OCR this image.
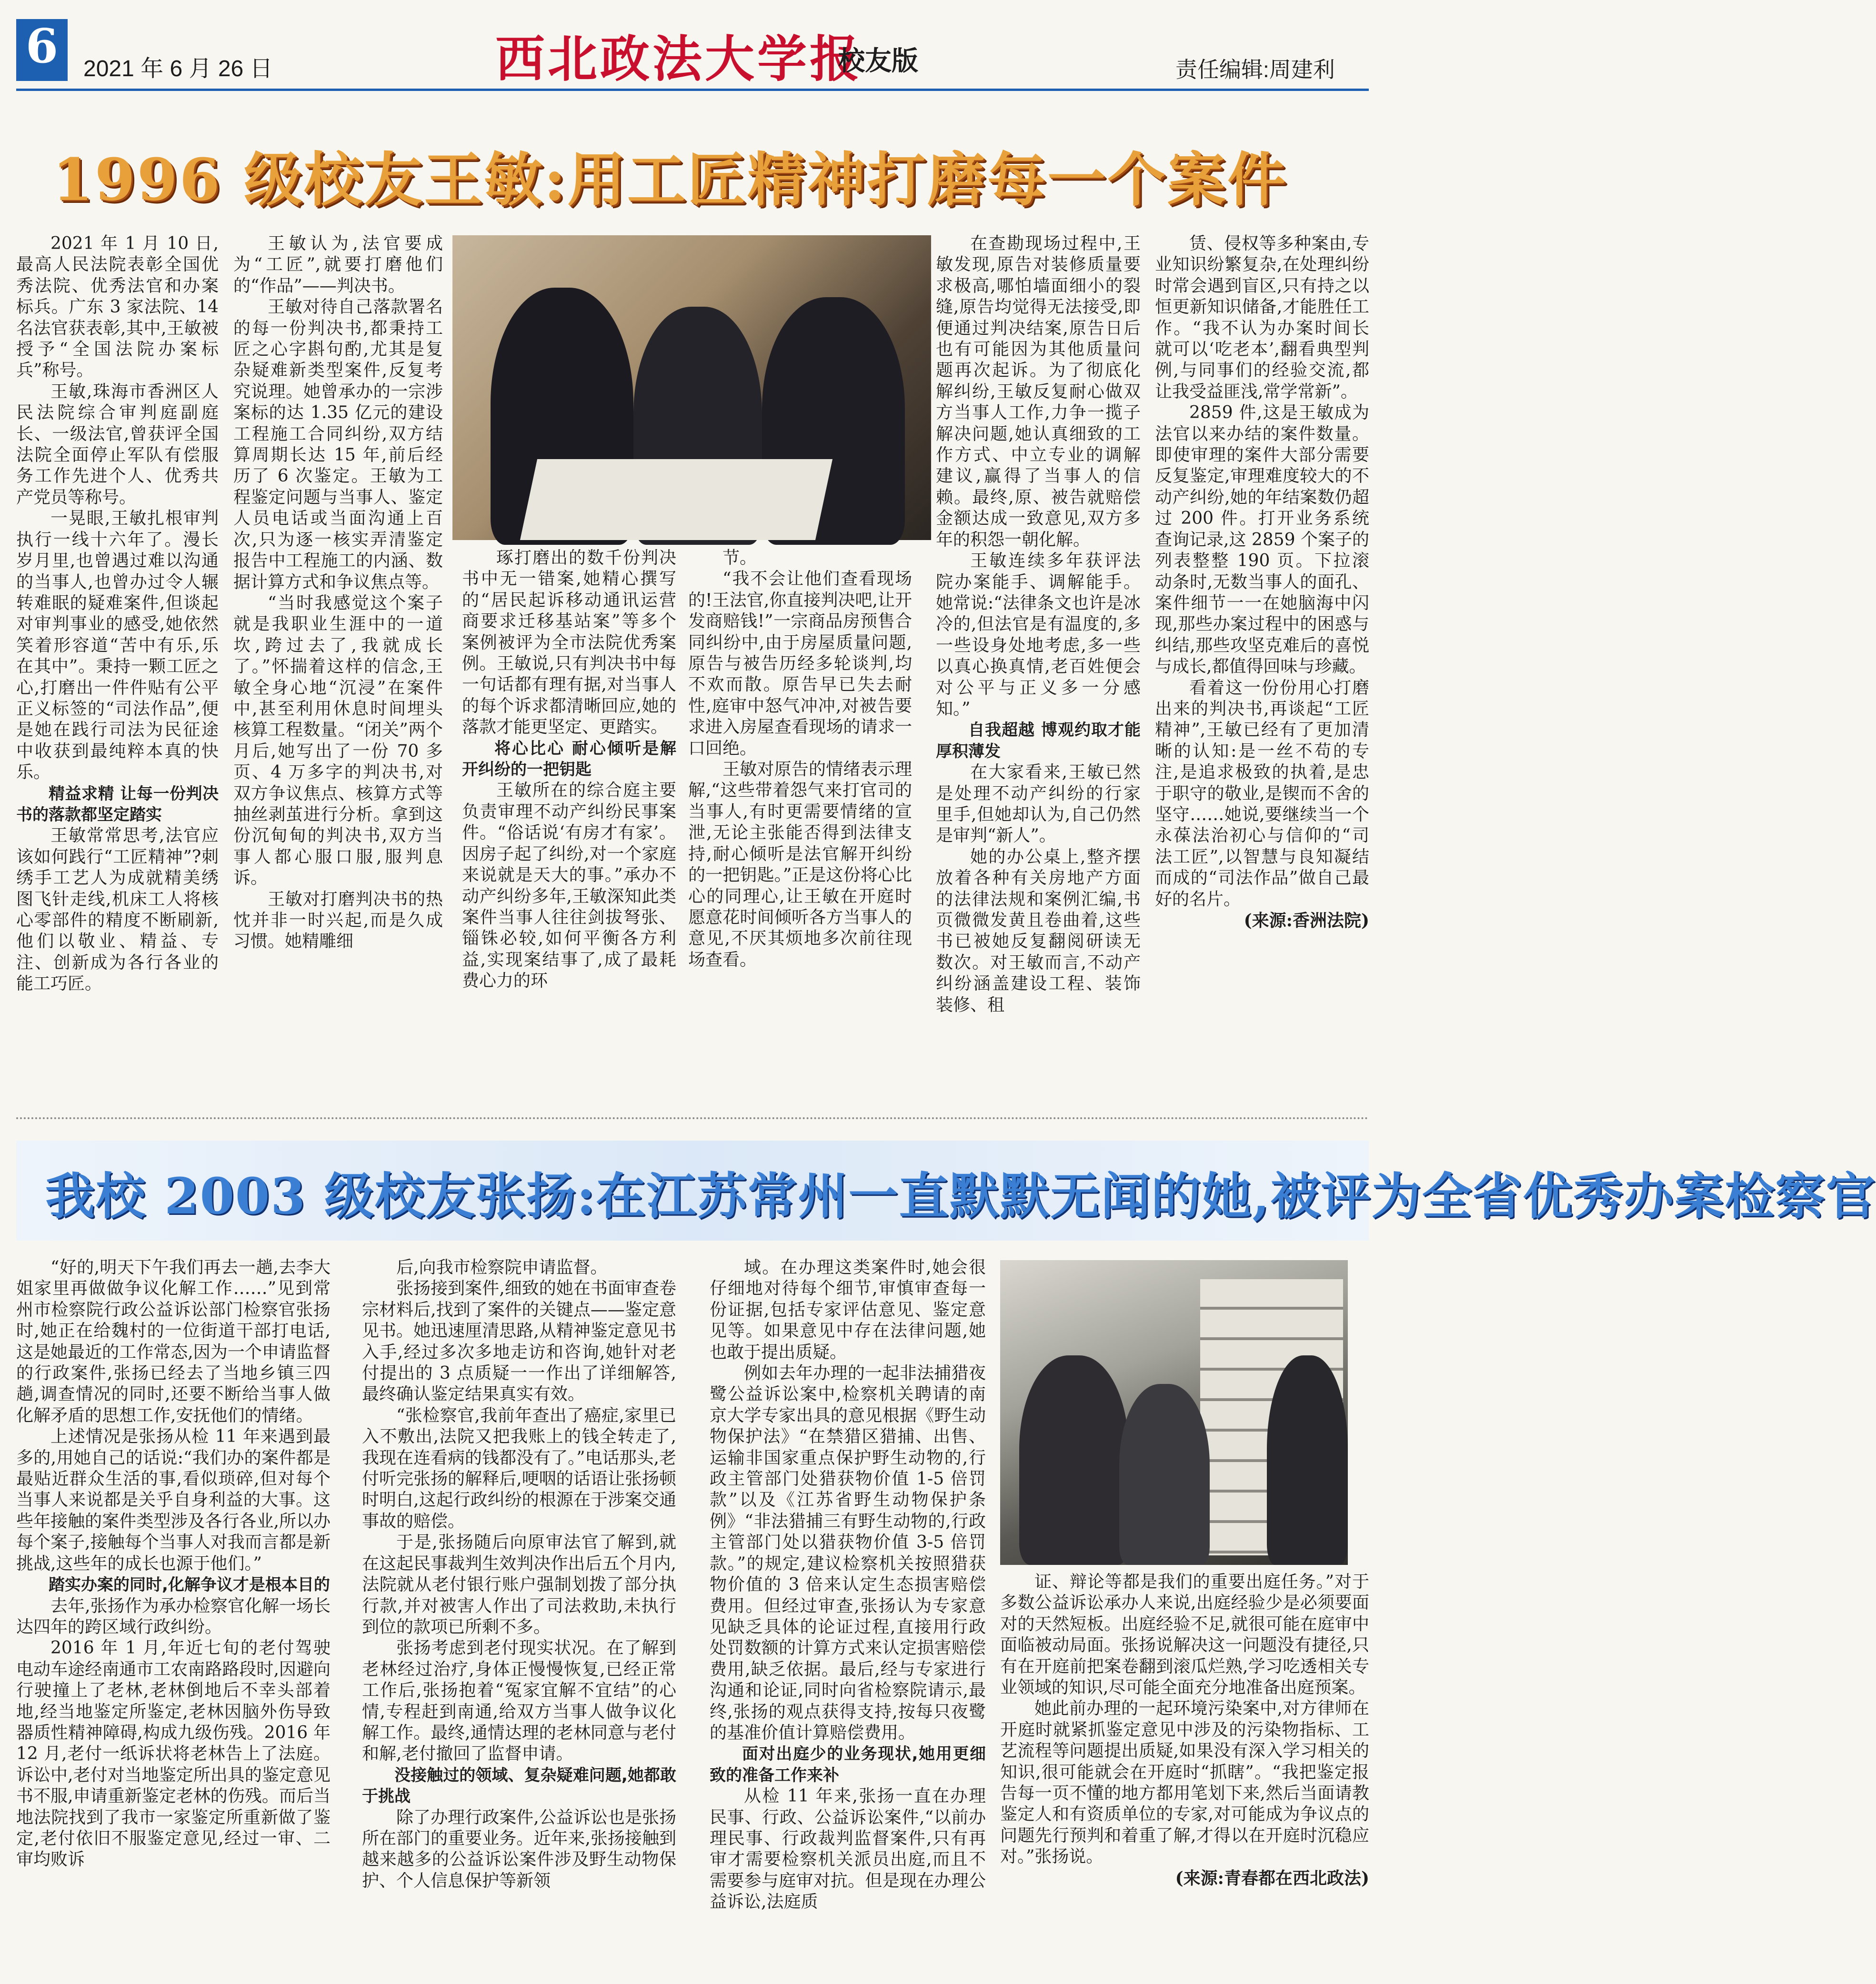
6	2021 年 6 月 26 日	西北政法大学报
校友版	责任编辑:周建利
1996 级校友王敏:用工匠精神打磨每一个案件

2021 年 1 月 10 日,最高人民法院表彰全国优秀法院、优秀法官和办案标兵。广东 3 家法院、14 名法官获表彰,其中,王敏被授予“全国法院办案标兵”称号。

王敏,珠海市香洲区人民法院综合审判庭副庭长、一级法官,曾获评全国法院全面停止军队有偿服务工作先进个人、优秀共产党员等称号。

一晃眼,王敏扎根审判执行一线十六年了。漫长岁月里,也曾遇过难以沟通的当事人,也曾办过令人辗转难眠的疑难案件,但谈起对审判事业的感受,她依然笑着形容道“苦中有乐,乐在其中”。秉持一颗工匠之心,打磨出一件件贴有公平正义标签的“司法作品”,便是她在践行司法为民征途中收获到最纯粹本真的快乐。

精益求精 让每一份判决书的落款都坚定踏实

王敏常常思考,法官应该如何践行“工匠精神”?刺绣手工艺人为成就精美绣图飞针走线,机床工人将核心零部件的精度不断刷新,他们以敬业、精益、专注、创新成为各行各业的能工巧匠。

王敏认为,法官要成为“工匠”,就要打磨他们的“作品”——判决书。

王敏对待自己落款署名的每一份判决书,都秉持工匠之心字斟句酌,尤其是复杂疑难新类型案件,反复考究说理。她曾承办的一宗涉案标的达 1.35 亿元的建设工程施工合同纠纷,双方结算周期长达 15 年,前后经历了 6 次鉴定。王敏为工程鉴定问题与当事人、鉴定人员电话或当面沟通上百次,只为逐一核实弄清鉴定报告中工程施工的内涵、数据计算方式和争议焦点等。

“当时我感觉这个案子就是我职业生涯中的一道坎,跨过去了,我就成长了。”怀揣着这样的信念,王敏全身心地“沉浸”在案件中,甚至利用休息时间埋头核算工程数量。“闭关”两个月后,她写出了一份 70 多页、4 万多字的判决书,对双方争议焦点、核算方式等抽丝剥茧进行分析。拿到这份沉甸甸的判决书,双方当事人都心服口服,服判息诉。

王敏对打磨判决书的热忱并非一时兴起,而是久成习惯。她精雕细

琢打磨出的数千份判决书中无一错案,她精心撰写的“居民起诉移动通讯运营商要求迁移基站案”等多个案例被评为全市法院优秀案例。王敏说,只有判决书中每一句话都有理有据,对当事人的每个诉求都清晰回应,她的落款才能更坚定、更踏实。

将心比心 耐心倾听是解开纠纷的一把钥匙

王敏所在的综合庭主要负责审理不动产纠纷民事案件。“俗话说‘有房才有家’。因房子起了纠纷,对一个家庭来说就是天大的事。”承办不动产纠纷多年,王敏深知此类案件当事人往往剑拔弩张、锱铢必较,如何平衡各方利益,实现案结事了,成了最耗费心力的环

节。

“我不会让他们查看现场的!王法官,你直接判决吧,让开发商赔钱!”一宗商品房预售合同纠纷中,由于房屋质量问题,原告与被告历经多轮谈判,均不欢而散。原告早已失去耐性,庭审中怒气冲冲,对被告要求进入房屋查看现场的请求一口回绝。

王敏对原告的情绪表示理解,“这些带着怨气来打官司的当事人,有时更需要情绪的宣泄,无论主张能否得到法律支持,耐心倾听是法官解开纠纷的一把钥匙。”正是这份将心比心的同理心,让王敏在开庭时愿意花时间倾听各方当事人的意见,不厌其烦地多次前往现场查看。

在查勘现场过程中,王敏发现,原告对装修质量要求极高,哪怕墙面细小的裂缝,原告均觉得无法接受,即便通过判决结案,原告日后也有可能因为其他质量问题再次起诉。为了彻底化解纠纷,王敏反复耐心做双方当事人工作,力争一揽子解决问题,她认真细致的工作方式、中立专业的调解建议,赢得了当事人的信赖。最终,原、被告就赔偿金额达成一致意见,双方多年的积怨一朝化解。

王敏连续多年获评法院办案能手、调解能手。她常说:“法律条文也许是冰冷的,但法官是有温度的,多一些设身处地考虑,多一些以真心换真情,老百姓便会对公平与正义多一分感知。”

自我超越 博观约取才能厚积薄发

在大家看来,王敏已然是处理不动产纠纷的行家里手,但她却认为,自己仍然是审判“新人”。

她的办公桌上,整齐摆放着各种有关房地产方面的法律法规和案例汇编,书页微微发黄且卷曲着,这些书已被她反复翻阅研读无数次。对王敏而言,不动产纠纷涵盖建设工程、装饰装修、租

赁、侵权等多种案由,专业知识纷繁复杂,在处理纠纷时常会遇到盲区,只有持之以恒更新知识储备,才能胜任工作。“我不认为办案时间长就可以‘吃老本’,翻看典型判例,与同事们的经验交流,都让我受益匪浅,常学常新”。

2859 件,这是王敏成为法官以来办结的案件数量。即使审理的案件大部分需要反复鉴定,审理难度较大的不动产纠纷,她的年结案数仍超过 200 件。打开业务系统查询记录,这 2859 个案子的列表整整 190 页。下拉滚动条时,无数当事人的面孔、案件细节一一在她脑海中闪现,那些办案过程中的困惑与纠结,那些攻坚克难后的喜悦与成长,都值得回味与珍藏。

看着这一份份用心打磨出来的判决书,再谈起“工匠精神”,王敏已经有了更加清晰的认知:是一丝不苟的专注,是追求极致的执着,是忠于职守的敬业,是锲而不舍的坚守……她说,要继续当一个永葆法治初心与信仰的“司法工匠”,以智慧与良知凝结而成的“司法作品”做自己最好的名片。

(来源:香洲法院)

我校 2003 级校友张扬:在江苏常州一直默默无闻的她,被评为全省优秀办案检察官

“好的,明天下午我们再去一趟,去李大姐家里再做做争议化解工作……”见到常州市检察院行政公益诉讼部门检察官张扬时,她正在给魏村的一位街道干部打电话,这是她最近的工作常态,因为一个申请监督的行政案件,张扬已经去了当地乡镇三四趟,调查情况的同时,还要不断给当事人做化解矛盾的思想工作,安抚他们的情绪。

上述情况是张扬从检 11 年来遇到最多的,用她自己的话说:“我们办的案件都是最贴近群众生活的事,看似琐碎,但对每个当事人来说都是关乎自身利益的大事。这些年接触的案件类型涉及各行各业,所以办每个案子,接触每个当事人对我而言都是新挑战,这些年的成长也源于他们。”

踏实办案的同时,化解争议才是根本目的

去年,张扬作为承办检察官化解一场长达四年的跨区域行政纠纷。

2016 年 1 月,年近七旬的老付驾驶电动车途经南通市工农南路路段时,因避向行驶撞上了老林,老林倒地后不幸头部着地,经当地鉴定所鉴定,老林因脑外伤导致器质性精神障碍,构成九级伤残。2016 年 12 月,老付一纸诉状将老林告上了法庭。诉讼中,老付对当地鉴定所出具的鉴定意见书不服,申请重新鉴定老林的伤残。而后当地法院找到了我市一家鉴定所重新做了鉴定,老付依旧不服鉴定意见,经过一审、二审均败诉

后,向我市检察院申请监督。

张扬接到案件,细致的她在书面审查卷宗材料后,找到了案件的关键点——鉴定意见书。她迅速厘清思路,从精神鉴定意见书入手,经过多次多地走访和咨询,她针对老付提出的 3 点质疑一一作出了详细解答,最终确认鉴定结果真实有效。

“张检察官,我前年查出了癌症,家里已入不敷出,法院又把我账上的钱全转走了,我现在连看病的钱都没有了。”电话那头,老付听完张扬的解释后,哽咽的话语让张扬顿时明白,这起行政纠纷的根源在于涉案交通事故的赔偿。

于是,张扬随后向原审法官了解到,就在这起民事裁判生效判决作出后五个月内,法院就从老付银行账户强制划拨了部分执行款,并对被害人作出了司法救助,未执行到位的款项已所剩不多。

张扬考虑到老付现实状况。在了解到老林经过治疗,身体正慢慢恢复,已经正常工作后,张扬抱着“冤家宜解不宜结”的心情,专程赶到南通,给双方当事人做争议化解工作。最终,通情达理的老林同意与老付和解,老付撤回了监督申请。

没接触过的领域、复杂疑难问题,她都敢于挑战

除了办理行政案件,公益诉讼也是张扬所在部门的重要业务。近年来,张扬接触到越来越多的公益诉讼案件涉及野生动物保护、个人信息保护等新领

域。在办理这类案件时,她会很仔细地对待每个细节,审慎审查每一份证据,包括专家评估意见、鉴定意见等。如果意见中存在法律问题,她也敢于提出质疑。

例如去年办理的一起非法捕猎夜鹭公益诉讼案中,检察机关聘请的南京大学专家出具的意见根据《野生动物保护法》“在禁猎区猎捕、出售、运输非国家重点保护野生动物的,行政主管部门处猎获物价值 1-5 倍罚款”以及《江苏省野生动物保护条例》“非法猎捕三有野生动物的,行政主管部门处以猎获物价值 3-5 倍罚款。”的规定,建议检察机关按照猎获物价值的 3 倍来认定生态损害赔偿费用。但经过审查,张扬认为专家意见缺乏具体的论证过程,直接用行政处罚数额的计算方式来认定损害赔偿费用,缺乏依据。最后,经与专家进行沟通和论证,同时向省检察院请示,最终,张扬的观点获得支持,按每只夜鹭的基准价值计算赔偿费用。

面对出庭少的业务现状,她用更细致的准备工作来补

从检 11 年来,张扬一直在办理民事、行政、公益诉讼案件,“以前办理民事、行政裁判监督案件,只有再审才需要检察机关派员出庭,而且不需要参与庭审对抗。但是现在办理公益诉讼,法庭质

证、辩论等都是我们的重要出庭任务。”对于多数公益诉讼承办人来说,出庭经验少是必须要面对的天然短板。出庭经验不足,就很可能在庭审中面临被动局面。张扬说解决这一问题没有捷径,只有在开庭前把案卷翻到滚瓜烂熟,学习吃透相关专业领域的知识,尽可能全面充分地准备出庭预案。

她此前办理的一起环境污染案中,对方律师在开庭时就紧抓鉴定意见中涉及的污染物指标、工艺流程等问题提出质疑,如果没有深入学习相关的知识,很可能就会在开庭时“抓瞎”。“我把鉴定报告每一页不懂的地方都用笔划下来,然后当面请教鉴定人和有资质单位的专家,对可能成为争议点的问题先行预判和着重了解,才得以在开庭时沉稳应对。”张扬说。

(来源:青春都在西北政法)
